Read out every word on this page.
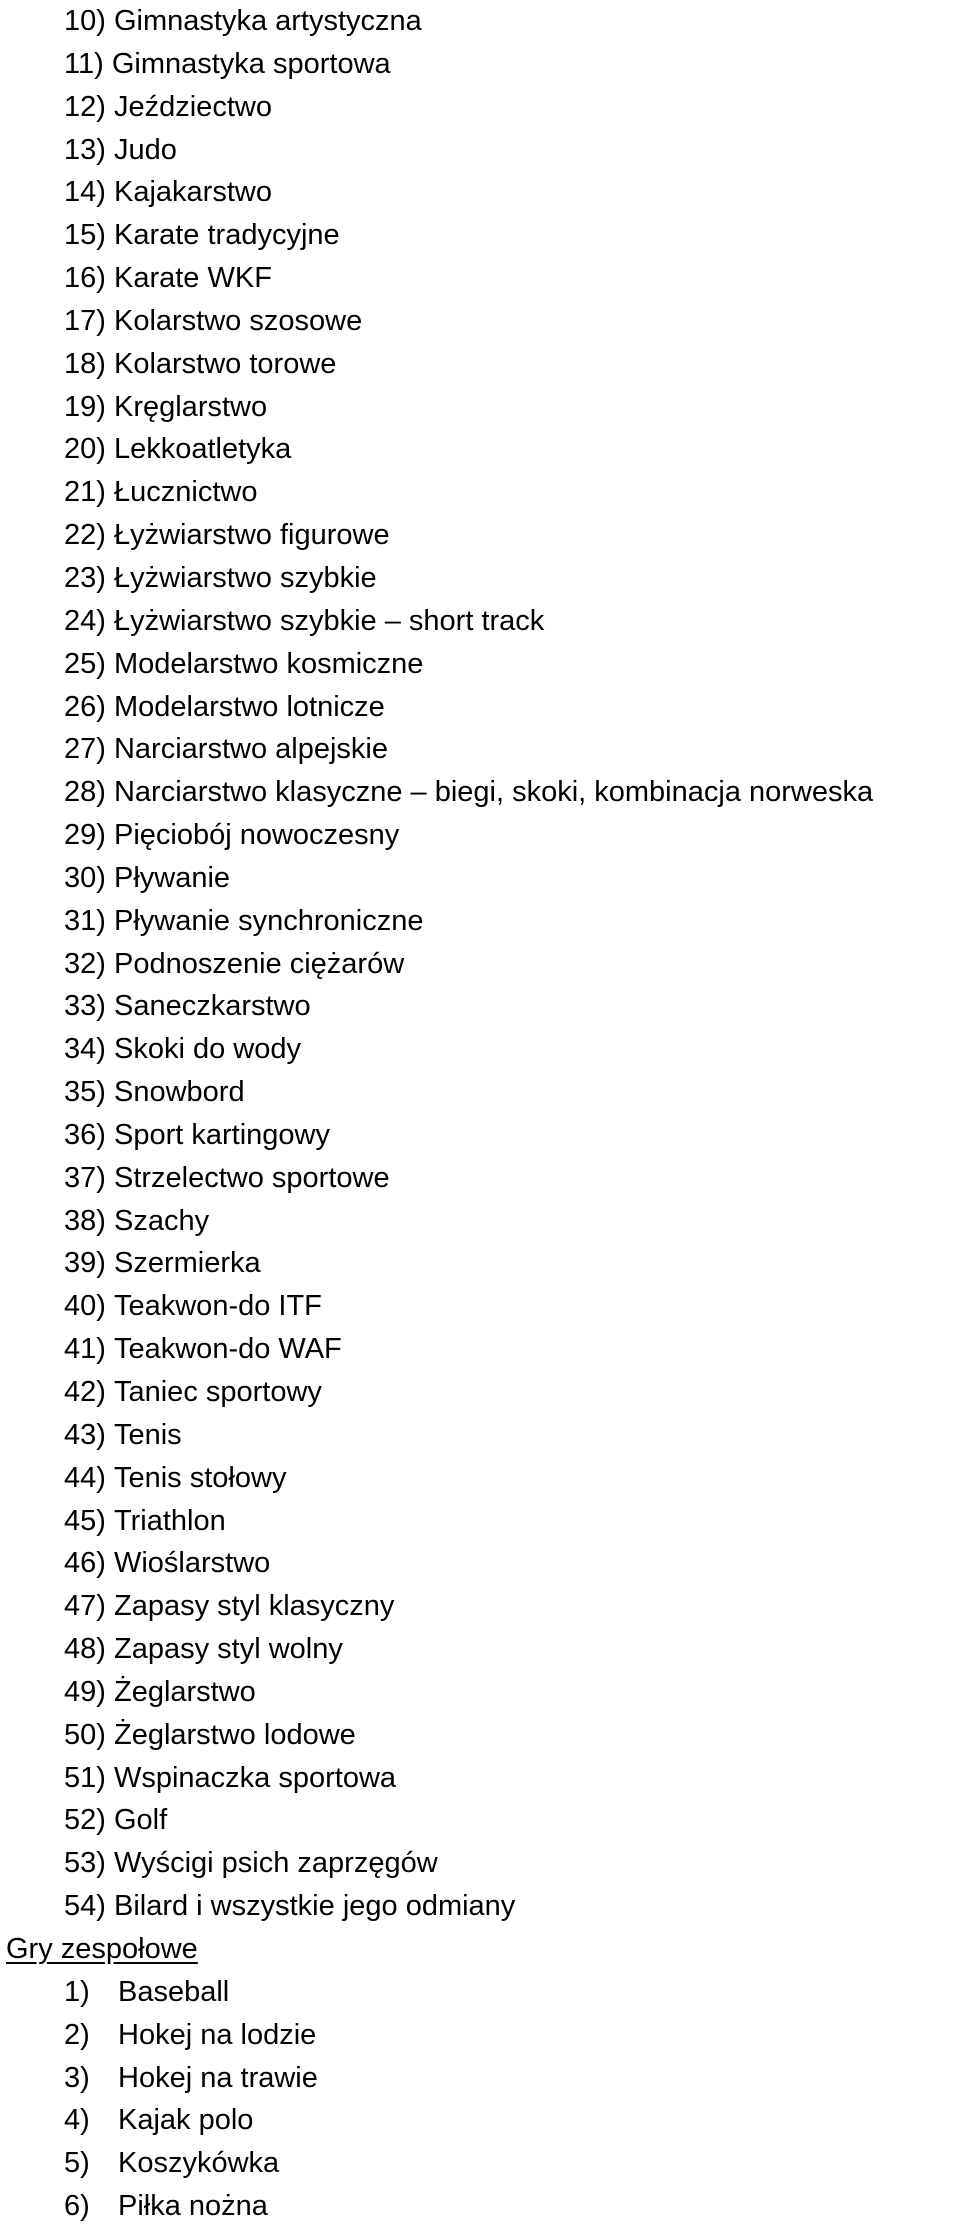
10) Gimnastyka artystyczna
11) Gimnastyka sportowa
12) Jeździectwo
13) Judo
14) Kajakarstwo
15) Karate tradycyjne
16) Karate WKF
17) Kolarstwo szosowe
18) Kolarstwo torowe
19) Kręglarstwo
20) Lekkoatletyka
21) Łucznictwo
22) Łyżwiarstwo figurowe
23) Łyżwiarstwo szybkie
24) Łyżwiarstwo szybkie – short track
25) Modelarstwo kosmiczne
26) Modelarstwo lotnicze
27) Narciarstwo alpejskie
28) Narciarstwo klasyczne – biegi, skoki, kombinacja norweska
29) Pięciobój nowoczesny
30) Pływanie
31) Pływanie synchroniczne
32) Podnoszenie ciężarów
33) Saneczkarstwo
34) Skoki do wody
35) Snowbord
36) Sport kartingowy
37) Strzelectwo sportowe
38) Szachy
39) Szermierka
40) Teakwon-do ITF
41) Teakwon-do WAF
42) Taniec sportowy
43) Tenis
44) Tenis stołowy
45) Triathlon
46) Wioślarstwo
47) Zapasy styl klasyczny
48) Zapasy styl wolny
49) Żeglarstwo
50) Żeglarstwo lodowe
51) Wspinaczka sportowa
52) Golf
53) Wyścigi psich zaprzęgów
54) Bilard i wszystkie jego odmiany
Gry zespołowe
1) Baseball
2) Hokej na lodzie
3) Hokej na trawie
4) Kajak polo
5) Koszykówka
6) Piłka nożna
